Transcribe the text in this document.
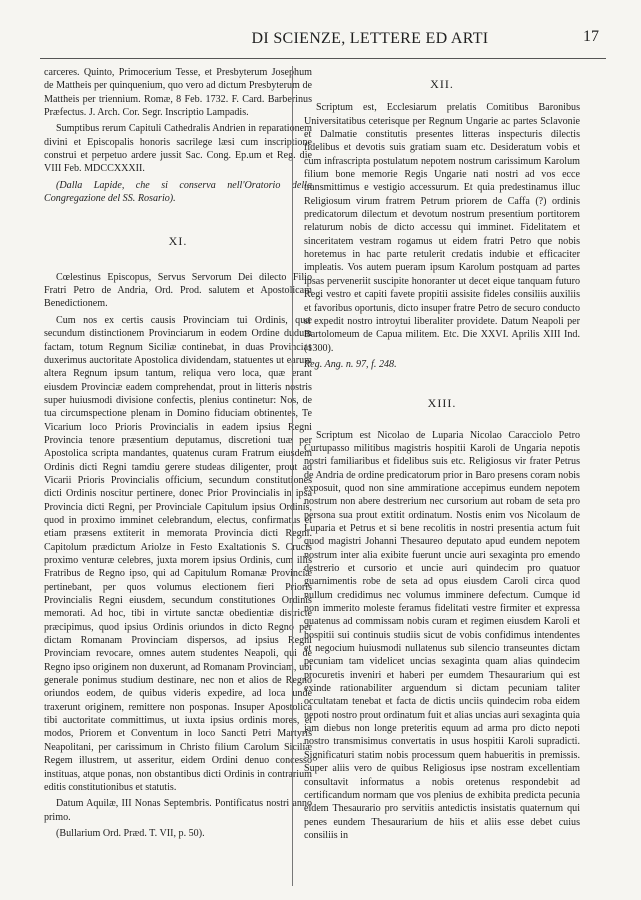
DI SCIENZE, LETTERE ED ARTI	17

carceres. Quinto, Primocerium Tesse, et Presbyterum Josephum de Mattheis per quinquenium, quo vero ad dictum Presbyterum de Mattheis per triennium. Romæ, 8 Feb. 1732. F. Card. Barberinus Præfectus. J. Arch. Cor. Segr. Inscriptio Lampadis.

Sumptibus rerum Capituli Cathedralis Andrien in reparationem divini et Episcopalis honoris sacrilege læsi cum inscriptione construi et perpetuo ardere jussit Sac. Cong. Ep.um et Reg. die VIII Feb. MDCCXXXII.

(Dalla Lapide, che si conserva nell'Oratorio della Congregazione del SS. Rosario).

XI.

Cœlestinus Episcopus, Servus Servorum Dei dilecto Filio Fratri Petro de Andria, Ord. Prod. salutem et Apostolicam Benedictionem.

Cum nos ex certis causis Provinciam tui Ordinis, quæ secundum distinctionem Provinciarum in eodem Ordine dudum factam, totum Regnum Siciliæ continebat, in duas Provincias duxerimus auctoritate Apostolica dividendam, statuentes ut earum altera Regnum ipsum tantum, reliqua vero loca, quæ erant eiusdem Provinciæ eadem comprehendat, prout in litteris nostris super huiusmodi divisione confectis, plenius continetur: Nos, de tua circumspectione plenam in Domino fiduciam obtinentes, Te Vicarium loco Prioris Provincialis in eadem ipsius Regni Provincia tenore præsentium deputamus, discretioni tuæ per Apostolica scripta mandantes, quatenus curam Fratrum eiusdem Ordinis dicti Regni tamdiu gerere studeas diligenter, prout ad Vicarii Prioris Provincialis officium, secundum constitutiones dicti Ordinis noscitur pertinere, donec Prior Provincialis in ipsa Provincia dicti Regni, per Provinciale Capitulum ipsius Ordinis, quod in proximo imminet celebrandum, electus, confirmatus et etiam præsens extiterit in memorata Provincia dicti Regni. Capitolum prædictum Ariolze in Festo Exaltationis S. Crucis proximo venturæ celebres, juxta morem ipsius Ordinis, cum illis Fratribus de Regno ipso, qui ad Capitulum Romanæ Provinciæ pertinebant, per quos volumus electionem fieri Prioris Provincialis Regni eiusdem, secundum constitutiones Ordinis memorati. Ad hoc, tibi in virtute sanctæ obedientiæ districte præcipimus, quod ipsius Ordinis oriundos in dicto Regno per dictam Romanam Provinciam dispersos, ad ipsius Regni Provinciam revocare, omnes autem studentes Neapoli, qui de Regno ipso originem non duxerunt, ad Romanam Provinciam, ubi generale ponimus studium destinare, nec non et alios de Regno oriundos eodem, de quibus videris expedire, ad loca unde traxerunt originem, remittere non posponas. Insuper Apostolica tibi auctoritate committimus, ut iuxta ipsius ordinis mores, et modos, Priorem et Conventum in loco Sancti Petri Martyris Neapolitani, per carissimum in Christo filium Carolum Siciliæ Regem illustrem, ut asseritur, eidem Ordini denuo concesso instituas, atque ponas, non obstantibus dicti Ordinis in contrarium editis constitutionibus et statutis.

Datum Aquilæ, III Nonas Septembris. Pontificatus nostri anno primo.

(Bullarium Ord. Præd. T. VII, p. 50).

XII.

Scriptum est, Ecclesiarum prelatis Comitibus Baronibus Universitatibus ceterisque per Regnum Ungarie ac partes Sclavonie et Dalmatie constitutis presentes litteras inspecturis dilectis fidelibus et devotis suis gratiam suam etc. Desideratum vobis et cum infrascripta postulatum nepotem nostrum carissimum Karolum filium bone memorie Regis Ungarie nati nostri ad vos ecce transmittimus e vestigio accessurum. Et quia predestinamus illuc Religiosum virum fratrem Petrum priorem de Caffa (?) ordinis predicatorum dilectum et devotum nostrum presentium portitorem relaturum nobis de dicto accessu qui imminet. Fidelitatem et sinceritatem vestram rogamus ut eidem fratri Petro que nobis horetemus in hac parte retulerit credatis indubie et efficaciter impleatis. Vos autem pueram ipsum Karolum postquam ad partes ipsas perveneriit suscipite honoranter ut decet eique tanquam futuro Regi vestro et capiti favete propitii assisite fideles consiliis auxiliis et favoribus oportunis, dicto insuper fratre Petro de securo conducto si expedit nostro introytui liberaliter providete. Datum Neapoli per Bartolomeum de Capua militem. Etc. Die XXVI. Aprilis XIII Ind. (1300).

Reg. Ang. n. 97, f. 248.

XIII.

Scriptum est Nicolao de Luparia Nicolao Caracciolo Petro Curtupasso militibus magistris hospitii Karoli de Ungaria nepotis nostri familiaribus et fidelibus suis etc. Religiosus vir frater Petrus de Andria de ordine predicatorum prior in Baro presens coram nobis exposuit, quod non sine ammiratione accepimus eundem nepotem nostrum non abere destrerium nec cursorium aut robam de seta pro persona sua prout extitit ordinatum. Nostis enim vos Nicolaum de Luparia et Petrus et si bene recolitis in nostri presentia actum fuit quod magistri Johanni Thesaureo deputato apud eundem nepotem nostrum inter alia exibite fuerunt uncie auri sexaginta pro emendo destrerio et cursorio et uncie auri quindecim pro quatuor guarnimentis robe de seta ad opus eiusdem Caroli circa quod nullum credidimus nec volumus imminere defectum. Cumque id non immerito moleste feramus fidelitati vestre firmiter et expressa quatenus ad commissam nobis curam et regimen eiusdem Karoli et hospitii sui continuis studiis sicut de vobis confidimus intendentes et negocium huiusmodi nullatenus sub silencio transeuntes dictam pecuniam tam videlicet uncias sexaginta quam alias quindecim procuretis inveniri et haberi per eumdem Thesaurarium qui est exinde rationabiliter arguendum si dictam pecuniam taliter occultatam tenebat et facta de dictis unciis quindecim roba eidem nepoti nostro prout ordinatum fuit et alias uncias auri sexaginta quia jam diebus non longe preteritis equum ad arma pro dicto nepoti nostro transmisimus convertatis in usus hospitii Karoli supradicti. Significaturi statim nobis processum quem habueritis in premissis. Super aliis vero de quibus Religiosus ipse nostram excellentiam consultavit informatus a nobis oretenus respondebit ad certificandum normam que vos plenius de exhibita predicta pecunia eidem Thesaurario pro servitiis antedictis insistatis quaternum qui penes eundem Thesaurarium de hiis et aliis esse debet cuius consiliis in
